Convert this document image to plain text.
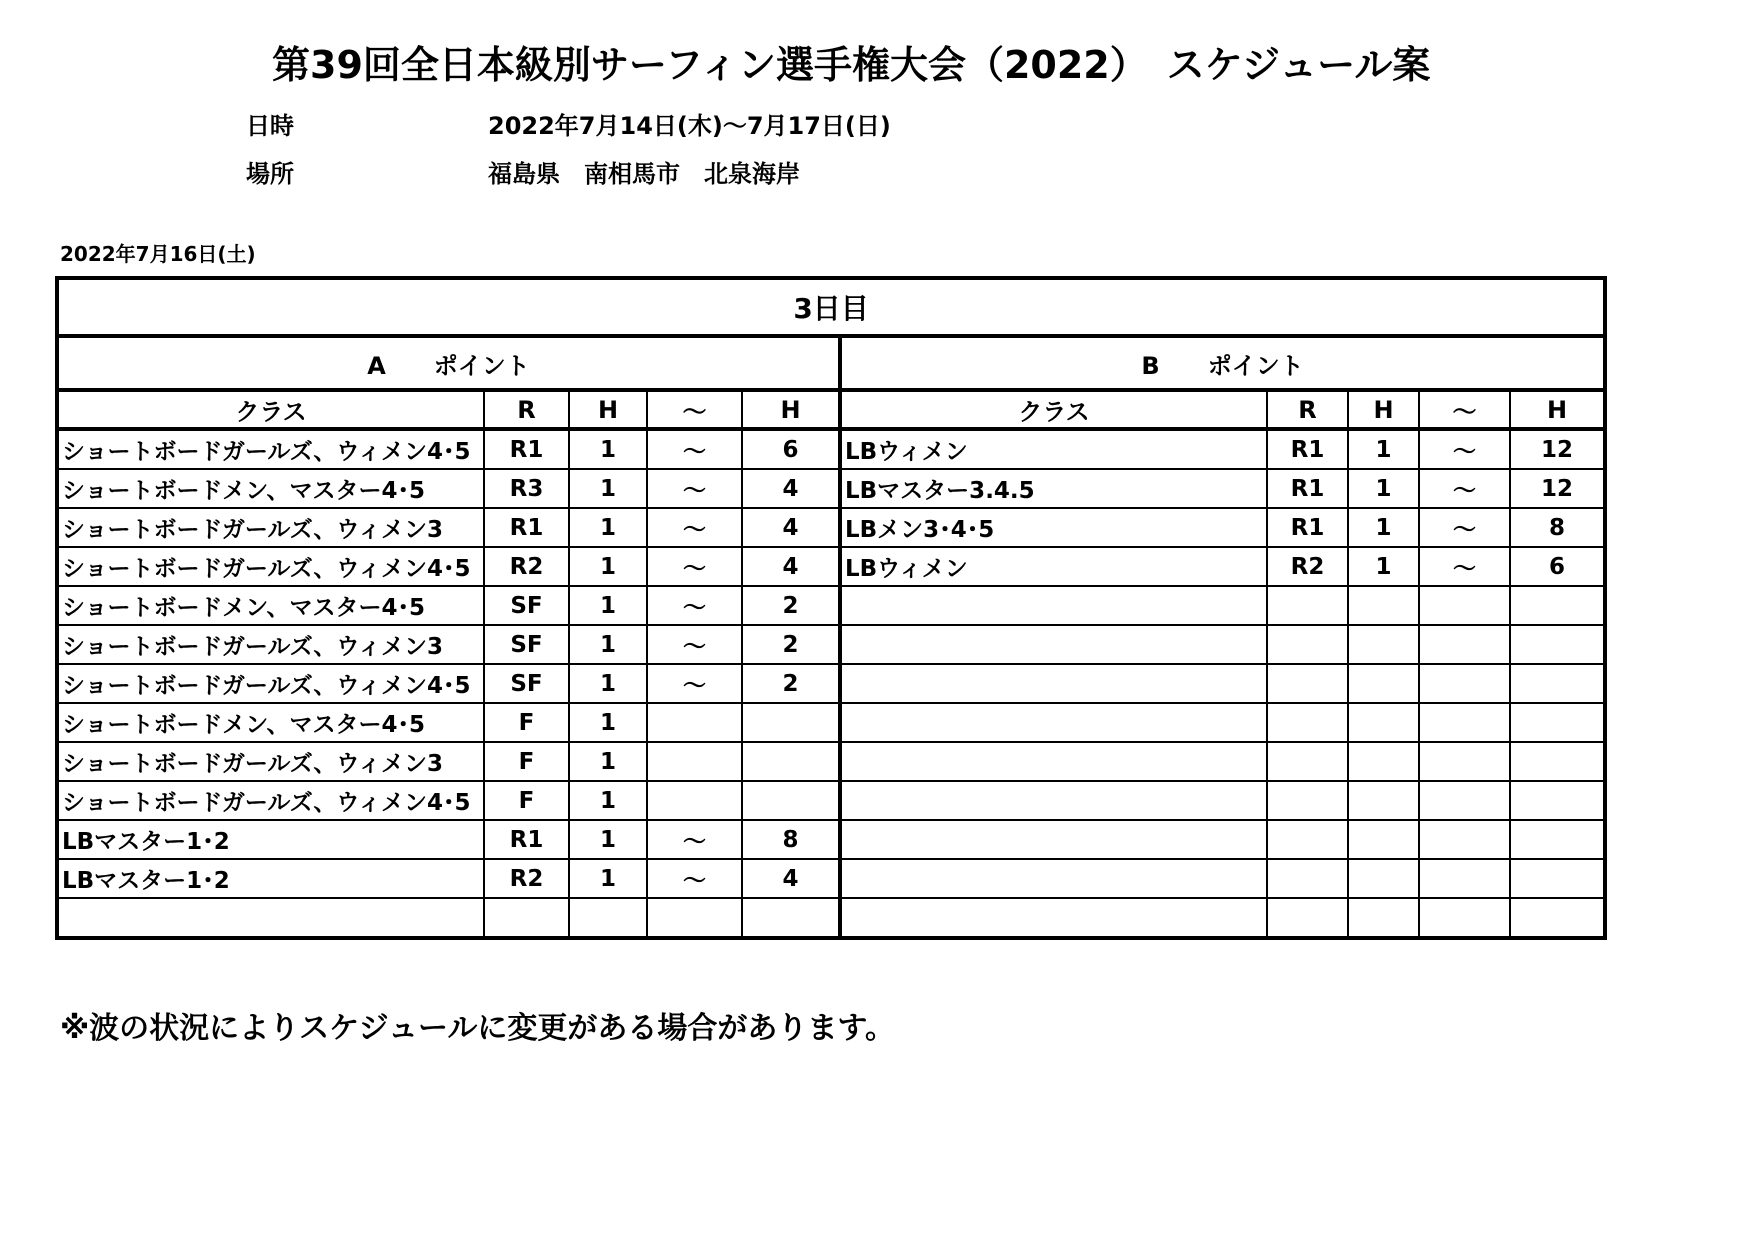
第39回全日本級別サーフィン選手権大会（2022）　スケジュール案
日時	2022年7月14日(木)～7月17日(日)
場所	福島県　南相馬市　北泉海岸
2022年7月16日(土)
3日目									
A　　ポイント					B　　ポイント				
クラス	R	H	～	H	クラス	R	H	～	H
ショートボードガールズ、ウィメン4･5	R1	1	～	6	LBウィメン	R1	1	～	12
ショートボードメン、マスター4･5	R3	1	～	4	LBマスター3.4.5	R1	1	～	12
ショートボードガールズ、ウィメン3	R1	1	～	4	LBメン3･4･5	R1	1	～	8
ショートボードガールズ、ウィメン4･5	R2	1	～	4	LBウィメン	R2	1	～	6
ショートボードメン、マスター4･5	SF	1	～	2					
ショートボードガールズ、ウィメン3	SF	1	～	2					
ショートボードガールズ、ウィメン4･5	SF	1	～	2					
ショートボードメン、マスター4･5	F	1							
ショートボードガールズ、ウィメン3	F	1							
ショートボードガールズ、ウィメン4･5	F	1							
LBマスター1･2	R1	1	～	8					
LBマスター1･2	R2	1	～	4					

※波の状況によりスケジュールに変更がある場合があります。
